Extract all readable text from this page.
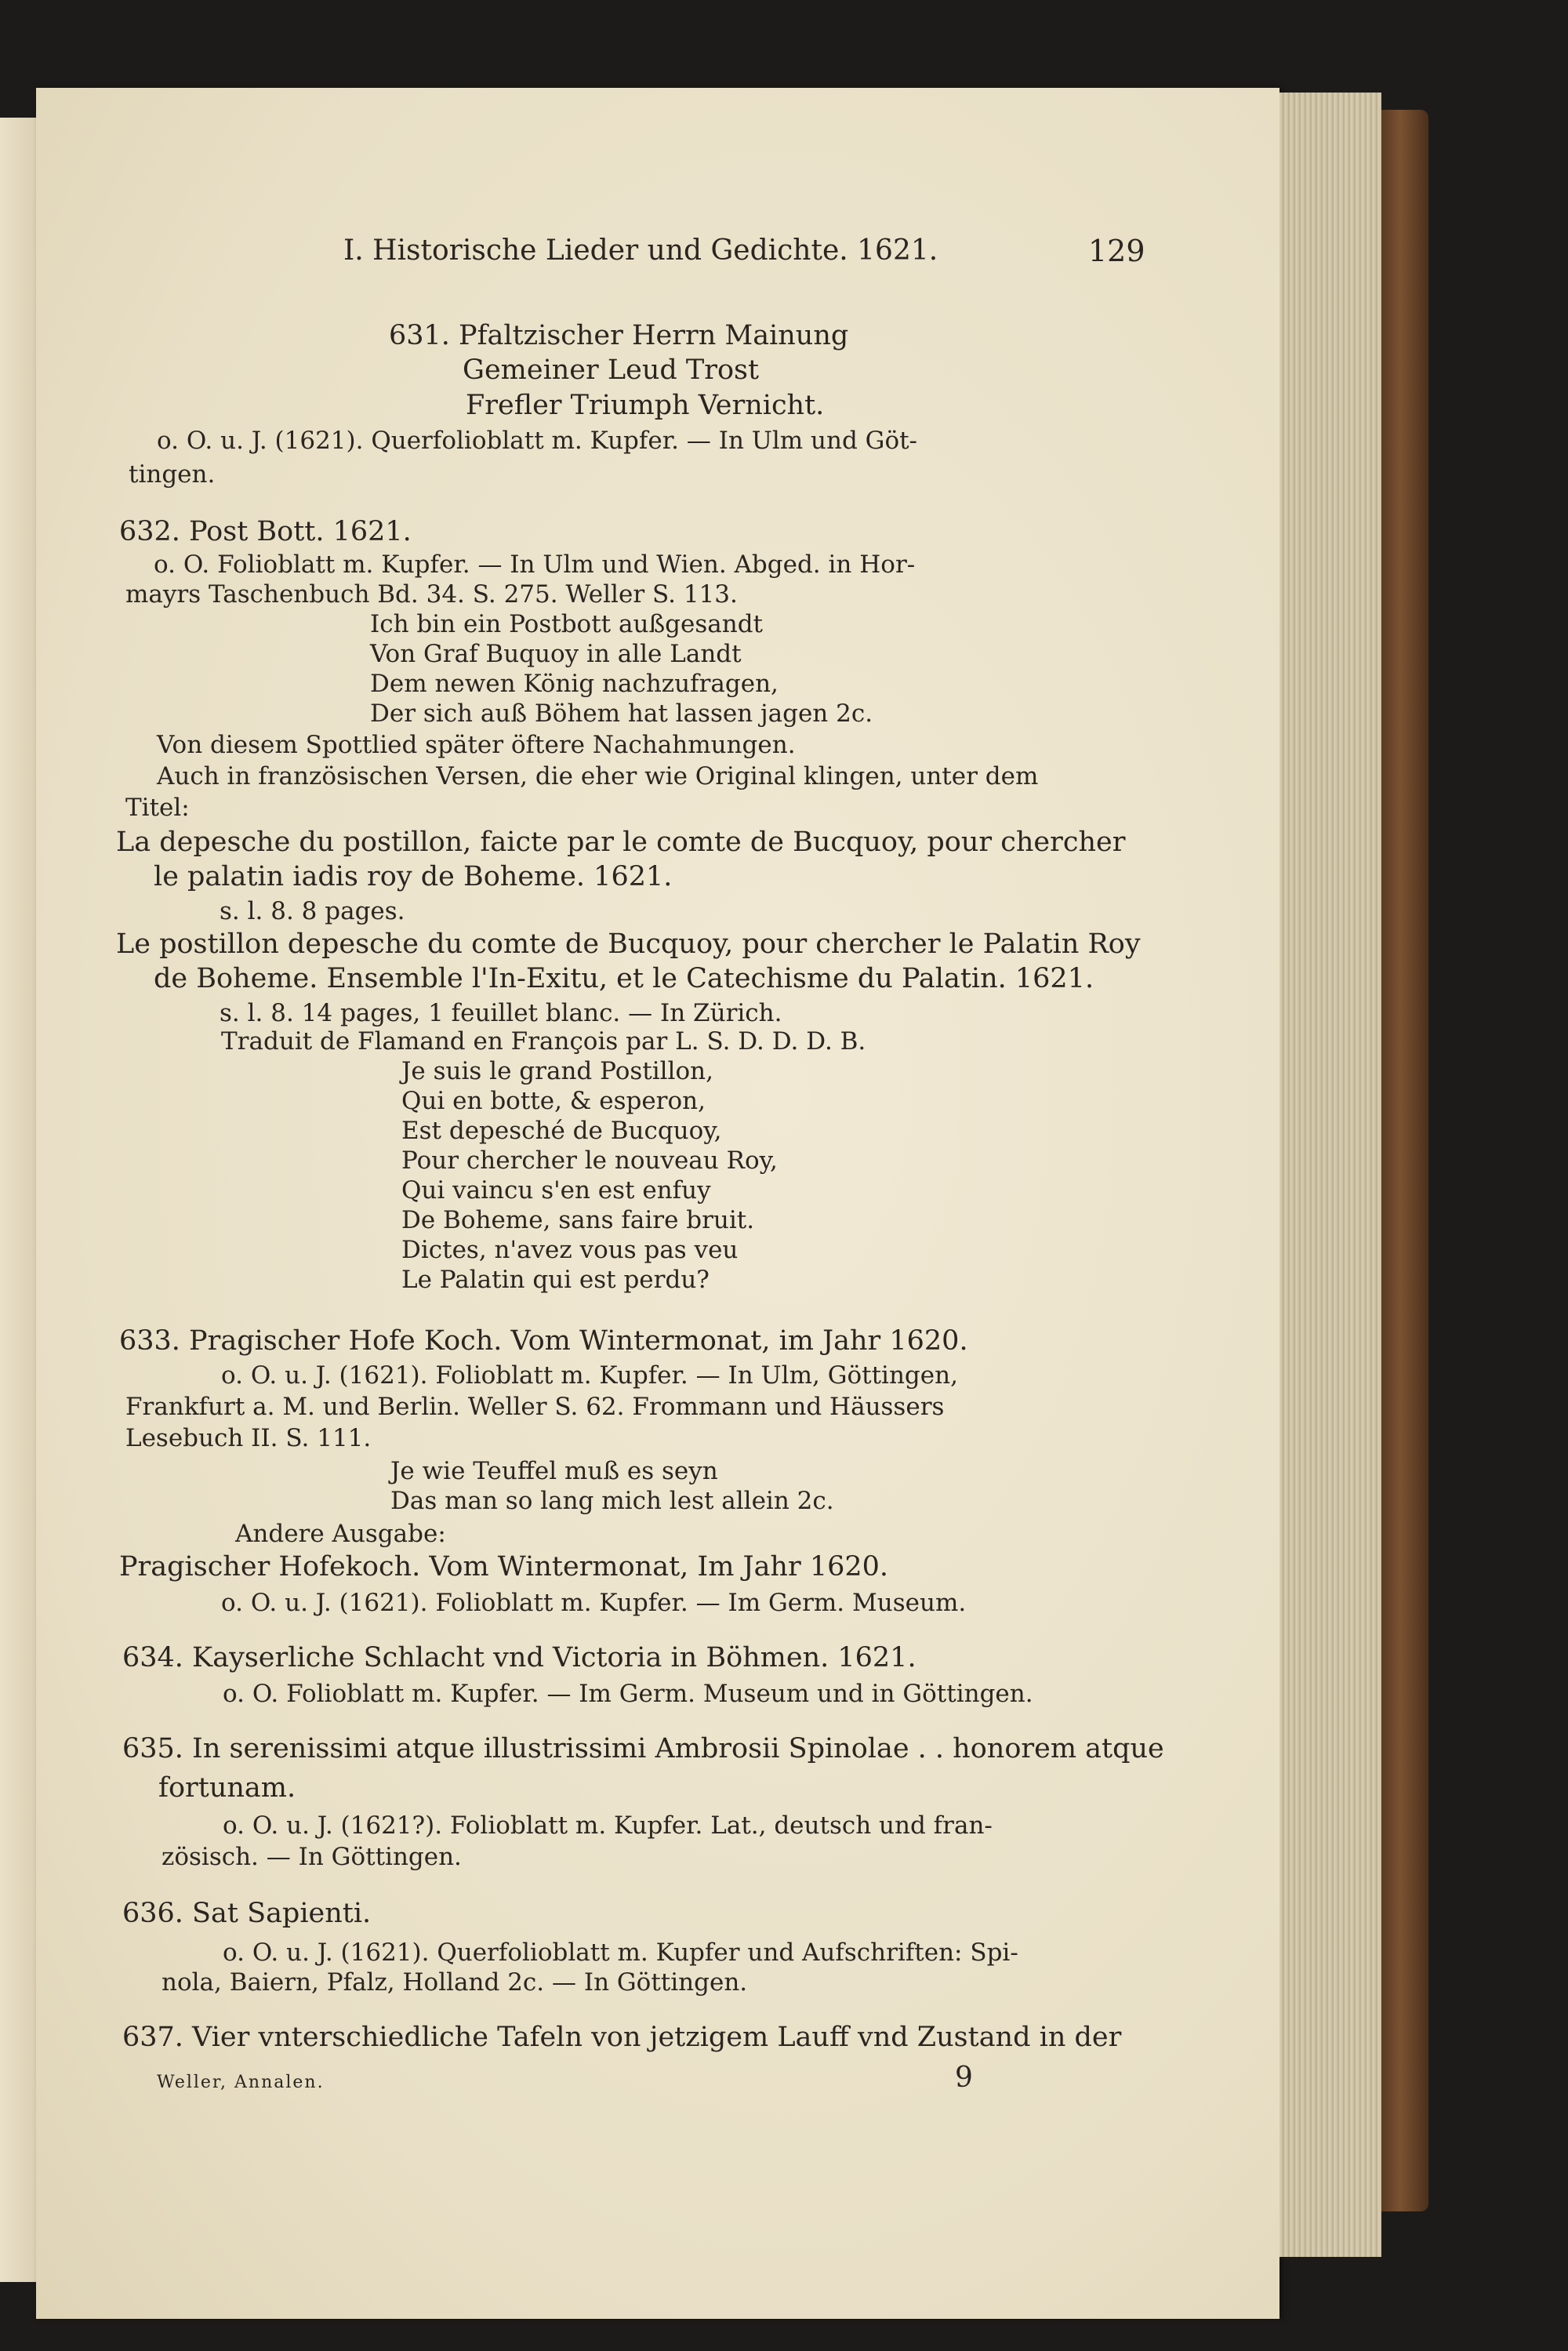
I. Historische Lieder und Gedichte. 1621.	129
631. Pfaltzischer Herrn Mainung
Gemeiner Leud Trost
Frefler Triumph Vernicht.
o. O. u. J. (1621). Querfolioblatt m. Kupfer. — In Ulm und Göt-
tingen.
632. Post Bott. 1621.
o. O. Folioblatt m. Kupfer. — In Ulm und Wien. Abged. in Hor-
mayrs Taschenbuch Bd. 34. S. 275. Weller S. 113.
Ich bin ein Postbott außgesandt
Von Graf Buquoy in alle Landt
Dem newen König nachzufragen,
Der sich auß Böhem hat lassen jagen 2c.
Von diesem Spottlied später öftere Nachahmungen.
Auch in französischen Versen, die eher wie Original klingen, unter dem
Titel:
La depesche du postillon, faicte par le comte de Bucquoy, pour chercher
le palatin iadis roy de Boheme. 1621.
s. l. 8. 8 pages.
Le postillon depesche du comte de Bucquoy, pour chercher le Palatin Roy
de Boheme. Ensemble l'In-Exitu, et le Catechisme du Palatin. 1621.
s. l. 8. 14 pages, 1 feuillet blanc. — In Zürich.
Traduit de Flamand en François par L. S. D. D. D. B.
Je suis le grand Postillon,
Qui en botte, & esperon,
Est depesché de Bucquoy,
Pour chercher le nouveau Roy,
Qui vaincu s'en est enfuy
De Boheme, sans faire bruit.
Dictes, n'avez vous pas veu
Le Palatin qui est perdu?
633. Pragischer Hofe Koch. Vom Wintermonat, im Jahr 1620.
o. O. u. J. (1621). Folioblatt m. Kupfer. — In Ulm, Göttingen,
Frankfurt a. M. und Berlin. Weller S. 62. Frommann und Häussers
Lesebuch II. S. 111.
Je wie Teuffel muß es seyn
Das man so lang mich lest allein 2c.
Andere Ausgabe:
Pragischer Hofekoch. Vom Wintermonat, Im Jahr 1620.
o. O. u. J. (1621). Folioblatt m. Kupfer. — Im Germ. Museum.
634. Kayserliche Schlacht vnd Victoria in Böhmen. 1621.
o. O. Folioblatt m. Kupfer. — Im Germ. Museum und in Göttingen.
635. In serenissimi atque illustrissimi Ambrosii Spinolae . . honorem atque
fortunam.
o. O. u. J. (1621?). Folioblatt m. Kupfer. Lat., deutsch und fran-
zösisch. — In Göttingen.
636. Sat Sapienti.
o. O. u. J. (1621). Querfolioblatt m. Kupfer und Aufschriften: Spi-
nola, Baiern, Pfalz, Holland 2c. — In Göttingen.
637. Vier vnterschiedliche Tafeln von jetzigem Lauff vnd Zustand in der
Weller, Annalen.	9
